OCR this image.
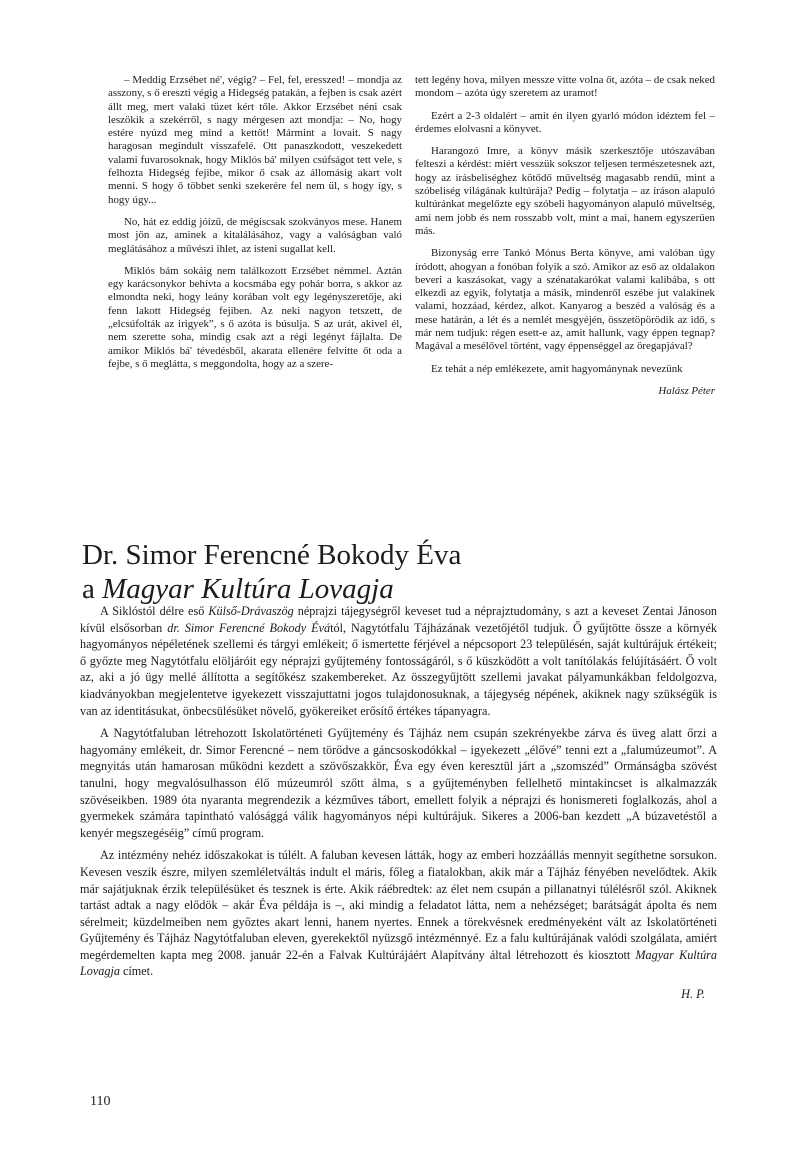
– Meddig Erzsébet né', végig? – Fel, fel, eresszed! – mondja az asszony, s ő ereszti végig a Hidegség patakán, a fejben is csak azért állt meg, mert valaki tüzet kért tőle. Akkor Erzsébet néni csak leszökik a szekérről, s nagy mérgesen azt mondja: – No, hogy estére nyúzd meg mind a kettőt! Mármint a lovait. S nagy haragosan megindult visszafelé. Ott panaszkodott, veszekedett valami fuvarosoknak, hogy Miklós bá' milyen csúfságot tett vele, s felhozta Hidegség fejibe, mikor ő csak az állomásig akart volt menni. S hogy ő többet senki szekerére fel nem ül, s hogy így, s hogy úgy...

No, hát ez eddig jóízű, de mégiscsak szokványos mese. Hanem most jön az, aminek a kitalálásához, vagy a valóságban való meglátásához a művészi ihlet, az isteni sugallat kell.

Miklós bám sokáig nem találkozott Erzsébet némmel. Aztán egy karácsonykor behívta a kocsmába egy pohár borra, s akkor az elmondta neki, hogy leány korában volt egy legényszeretője, aki fenn lakott Hidegség fejiben. Az neki nagyon tetszett, de „elcsúfolták az irigyek”, s ő azóta is búsulja. S az urát, akivel él, nem szerette soha, mindig csak azt a régi legényt fájlalta. De amikor Miklós bá' tévedésből, akarata ellenére felvitte őt oda a fejbe, s ő meglátta, s meggondolta, hogy az a szere-

tett legény hova, milyen messze vitte volna őt, azóta – de csak neked mondom – azóta úgy szeretem az uramot!

Ezért a 2-3 oldalért – amit én ilyen gyarló módon idéztem fel – érdemes elolvasni a könyvet.

Harangozó Imre, a könyv másik szerkesztője utószavában felteszi a kérdést: miért vesszük sokszor teljesen természetesnek azt, hogy az írásbeliséghez kötődő műveltség magasabb rendű, mint a szóbeliség világának kultúrája? Pedig – folytatja – az íráson alapuló kultúránkat megelőzte egy szóbeli hagyományon alapuló műveltség, ami nem jobb és nem rosszabb volt, mint a mai, hanem egyszerűen más.

Bizonyság erre Tankó Mónus Berta könyve, ami valóban úgy íródott, ahogyan a fonóban folyik a szó. Amikor az eső az oldalakon beveri a kaszásokat, vagy a szénatakarókat valami kalibába, s ott elkezdi az egyik, folytatja a másik, mindenről eszébe jut valakinek valami, hozzáad, kérdez, alkot. Kanyarog a beszéd a valóság és a mese határán, a lét és a nemlét mesgyéjén, összetöpörödik az idő, s már nem tudjuk: régen esett-e az, amit hallunk, vagy éppen tegnap? Magával a mesélővel történt, vagy éppenséggel az öregapjával?

Ez tehát a nép emlékezete, amit hagyománynak nevezünk

Halász Péter

Dr. Simor Ferencné Bokody Éva
a Magyar Kultúra Lovagja

A Siklóstól délre eső Külső-Drávaszög néprajzi tájegységről keveset tud a néprajztudomány, s azt a keveset Zentai Jánoson kívül elsősorban dr. Simor Ferencné Bokody Évától, Nagytótfalu Tájházának vezetőjétől tudjuk. Ő gyűjtötte össze a környék hagyományos népéletének szellemi és tárgyi emlékeit; ő ismertette férjével a népcsoport 23 településén, saját kultúrájuk értékeit; ő győzte meg Nagytótfalu elöljáróit egy néprajzi gyűjtemény fontosságáról, s ő küszködött a volt tanítólakás felújításáért. Ő volt az, aki a jó ügy mellé állította a segítőkész szakembereket. Az összegyűjtött szellemi javakat pályamunkákban feldolgozva, kiadványokban megjelentetve igyekezett visszajuttatni jogos tulajdonosuknak, a tájegység népének, akiknek nagy szükségük is van az identitásukat, önbecsülésüket növelő, gyökereiket erősítő értékes tápanyagra.

A Nagytótfaluban létrehozott Iskolatörténeti Gyűjtemény és Tájház nem csupán szekrényekbe zárva és üveg alatt őrzi a hagyomány emlékeit, dr. Simor Ferencné – nem törődve a gáncsoskodókkal – igyekezett „élővé” tenni ezt a „falumúzeumot”. A megnyitás után hamarosan működni kezdett a szövőszakkör, Éva egy éven keresztül járt a „szomszéd” Ormánságba szövést tanulni, hogy megvalósulhasson élő múzeumról szőtt álma, s a gyűjteményben fellelhető mintakincset is alkalmazzák szövéseikben. 1989 óta nyaranta megrendezik a kézműves tábort, emellett folyik a néprajzi és honismereti foglalkozás, ahol a gyermekek számára tapintható valósággá válik hagyományos népi kultúrájuk. Sikeres a 2006-ban kezdett „A búzavetéstől a kenyér megszegéséig” című program.

Az intézmény nehéz időszakokat is túlélt. A faluban kevesen látták, hogy az emberi hozzáállás mennyit segíthetne sorsukon. Kevesen veszik észre, milyen szemléletváltás indult el máris, főleg a fiatalokban, akik már a Tájház fényében nevelődtek. Akik már sajátjuknak érzik településüket és tesznek is érte. Akik ráébredtek: az élet nem csupán a pillanatnyi túlélésről szól. Akiknek tartást adtak a nagy elődök – akár Éva példája is –, aki mindig a feladatot látta, nem a nehézséget; barátságát ápolta és nem sérelmeit; küzdelmeiben nem győztes akart lenni, hanem nyertes. Ennek a törekvésnek eredményeként vált az Iskolatörténeti Gyűjtemény és Tájház Nagytótfaluban eleven, gyerekektől nyüzsgő intézménnyé. Ez a falu kultúrájának valódi szolgálata, amiért megérdemelten kapta meg 2008. január 22-én a Falvak Kultúrájáért Alapítvány által létrehozott és kiosztott Magyar Kultúra Lovagja címet.

H. P.

110
